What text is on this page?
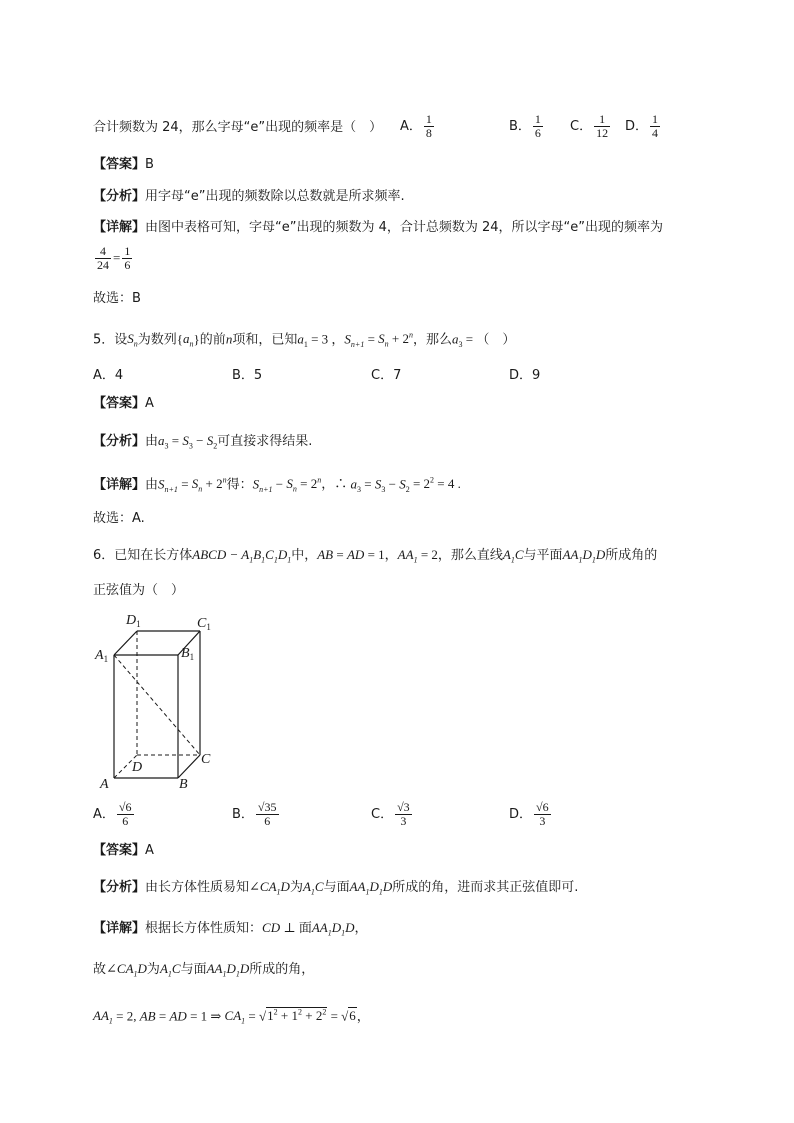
合计频数为 24，那么字母“e”出现的频率是（　） A． $\frac{1}{8}$	B． $\frac{1}{6}$ C． $\frac{1}{12}$ D． $\frac{1}{4}$
【答案】B
【分析】用字母“e”出现的频数除以总数就是所求频率.
【详解】由图中表格可知，字母“e”出现的频数为 4，合计总频数为 24，所以字母“e”出现的频率为
$\frac{4}{24} = \frac{1}{6}$
故选：B
5．设$S_n$为数列$\{a_n\}$的前n项和，已知$a_1 = 3$ ，$S_{n+1} = S_n + 2^n$，那么$a_3$ = （　）
A．4	B．5	C．7	D．9
【答案】A
【分析】由$a_3 = S_3 - S_2$可直接求得结果.
【详解】由$S_{n+1} = S_n + 2^n$得：$S_{n+1} - S_n = 2^n$，∴ $a_3 = S_3 - S_2 = 2^2 = 4$ .
故选：A.
6．已知在长方体ABCD − $A_1B_1C_1D_1$中，AB = AD = 1，$AA_1 = 2$，那么直线$A_1C$与平面$AA_1D_1D$所成角的
正弦值为（　）
$D_1$	$C_1$
$A_1$	$B_1$
D
C
A	B
A． $\frac{√6}{6}$	B． $\frac{√35}{6}$	C． $\frac{√3}{3}$	D． $\frac{√6}{3}$
【答案】A
【分析】由长方体性质易知$\angle CA_1D$为$A_1C$与面$AA_1D_1D$所成的角，进而求其正弦值即可.
【详解】根据长方体性质知：CD ⊥ 面$AA_1D_1D$，
故$\angle CA_1D$为$A_1C$与面$AA_1D_1D$所成的角，
$AA_1 = 2$, AB = AD = 1 ⇒ $CA_1 = √1^2 + 1^2 + 2^2 = √6$，
